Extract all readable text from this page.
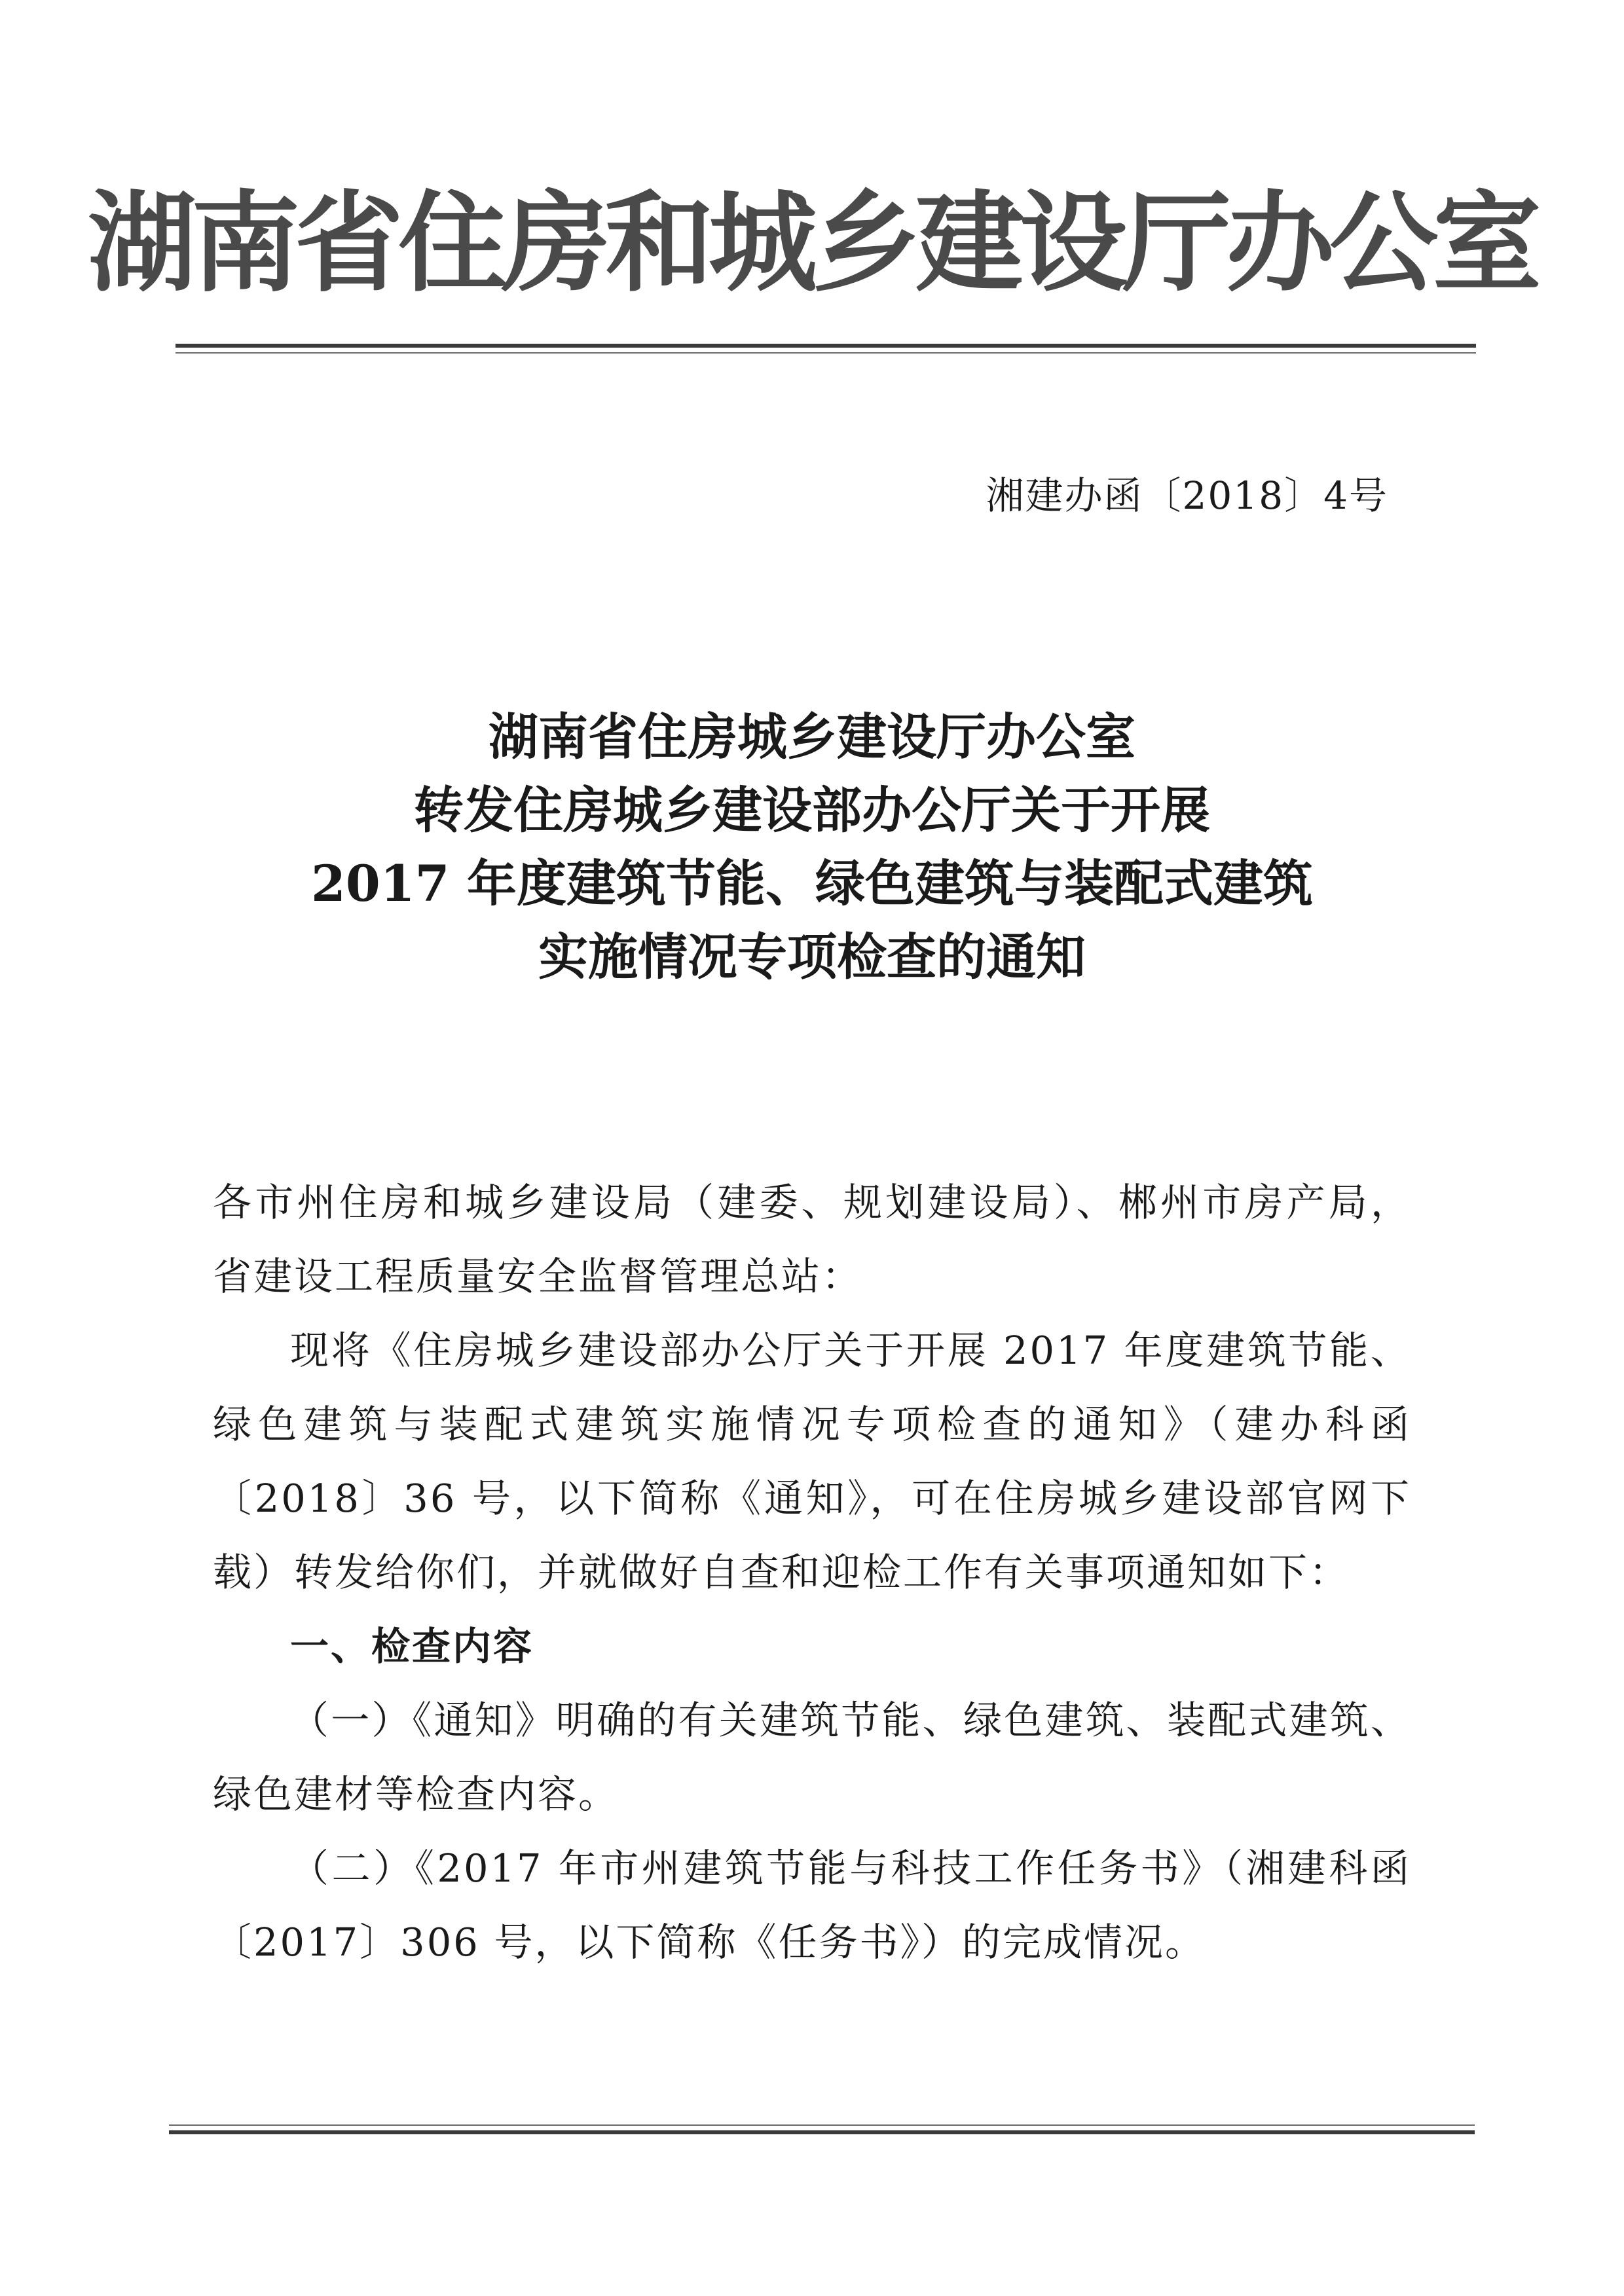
湖南省住房和城乡建设厅办公室
湘建办函〔2018〕4号
湖南省住房城乡建设厅办公室
转发住房城乡建设部办公厅关于开展
2017 年度建筑节能、绿色建筑与装配式建筑
实施情况专项检查的通知

各市州住房和城乡建设局（建委、规划建设局）、郴州市房产局，省建设工程质量安全监督管理总站：

现将《住房城乡建设部办公厅关于开展 2017 年度建筑节能、绿色建筑与装配式建筑实施情况专项检查的通知》（建办科函〔2018〕36 号，以下简称《通知》，可在住房城乡建设部官网下载）转发给你们，并就做好自查和迎检工作有关事项通知如下：

一、检查内容

（一）《通知》明确的有关建筑节能、绿色建筑、装配式建筑、绿色建材等检查内容。

（二）《2017 年市州建筑节能与科技工作任务书》（湘建科函〔2017〕306 号，以下简称《任务书》）的完成情况。
